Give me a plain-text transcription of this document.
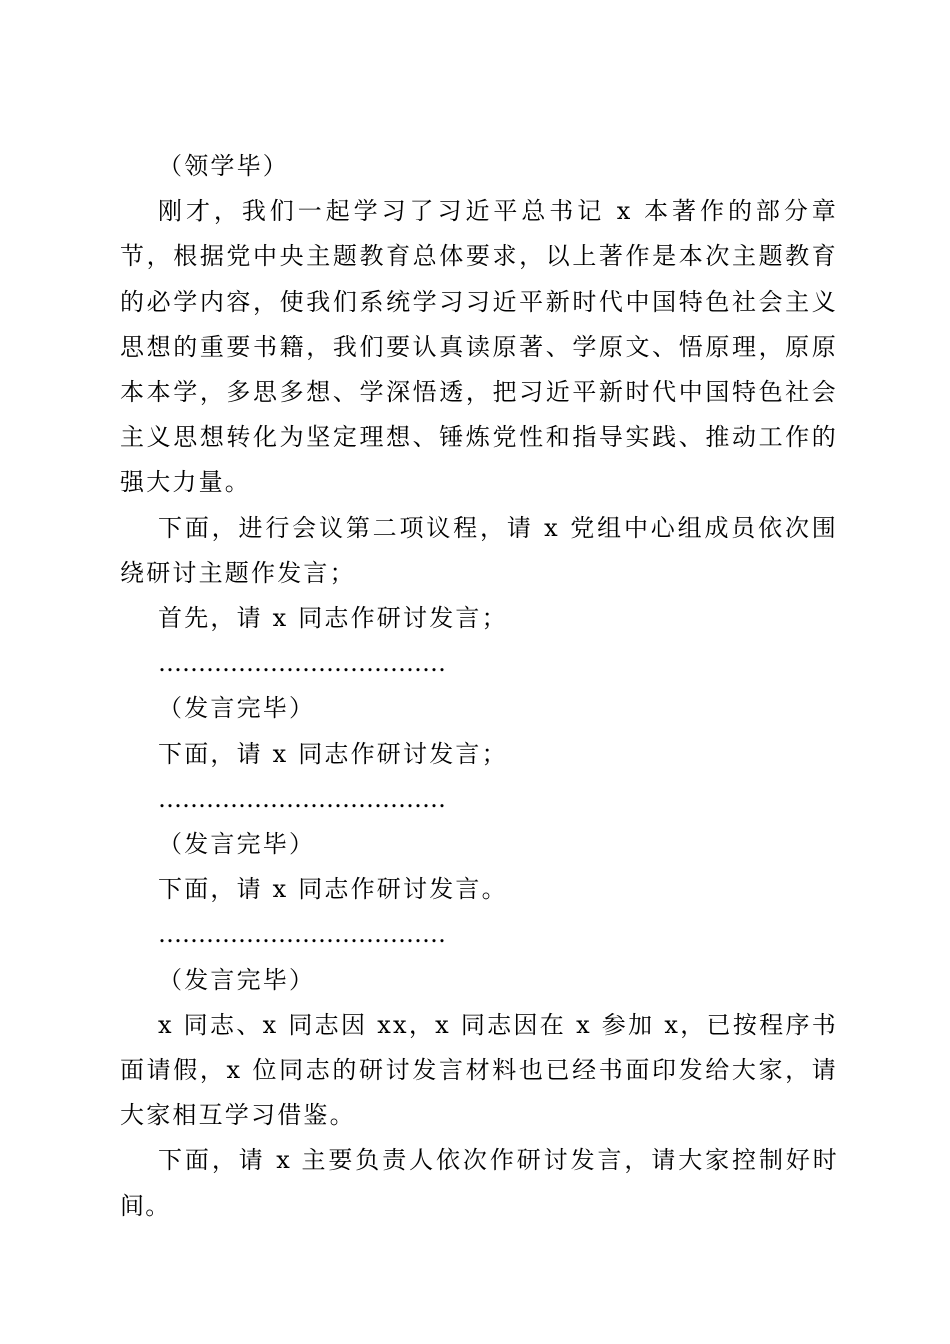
（领学毕）

刚才，我们一起学习了习近平总书记 x 本著作的部分章节，根据党中央主题教育总体要求，以上著作是本次主题教育的必学内容，使我们系统学习习近平新时代中国特色社会主义思想的重要书籍，我们要认真读原著、学原文、悟原理，原原本本学，多思多想、学深悟透，把习近平新时代中国特色社会主义思想转化为坚定理想、锤炼党性和指导实践、推动工作的强大力量。

下面，进行会议第二项议程，请 x 党组中心组成员依次围绕研讨主题作发言；

首先，请 x 同志作研讨发言；

………………………………

（发言完毕）

下面，请 x 同志作研讨发言；

………………………………

（发言完毕）

下面，请 x 同志作研讨发言。

………………………………

（发言完毕）

x 同志、x 同志因 xx，x 同志因在 x 参加 x，已按程序书面请假，x 位同志的研讨发言材料也已经书面印发给大家，请大家相互学习借鉴。

下面，请 x 主要负责人依次作研讨发言，请大家控制好时间。
